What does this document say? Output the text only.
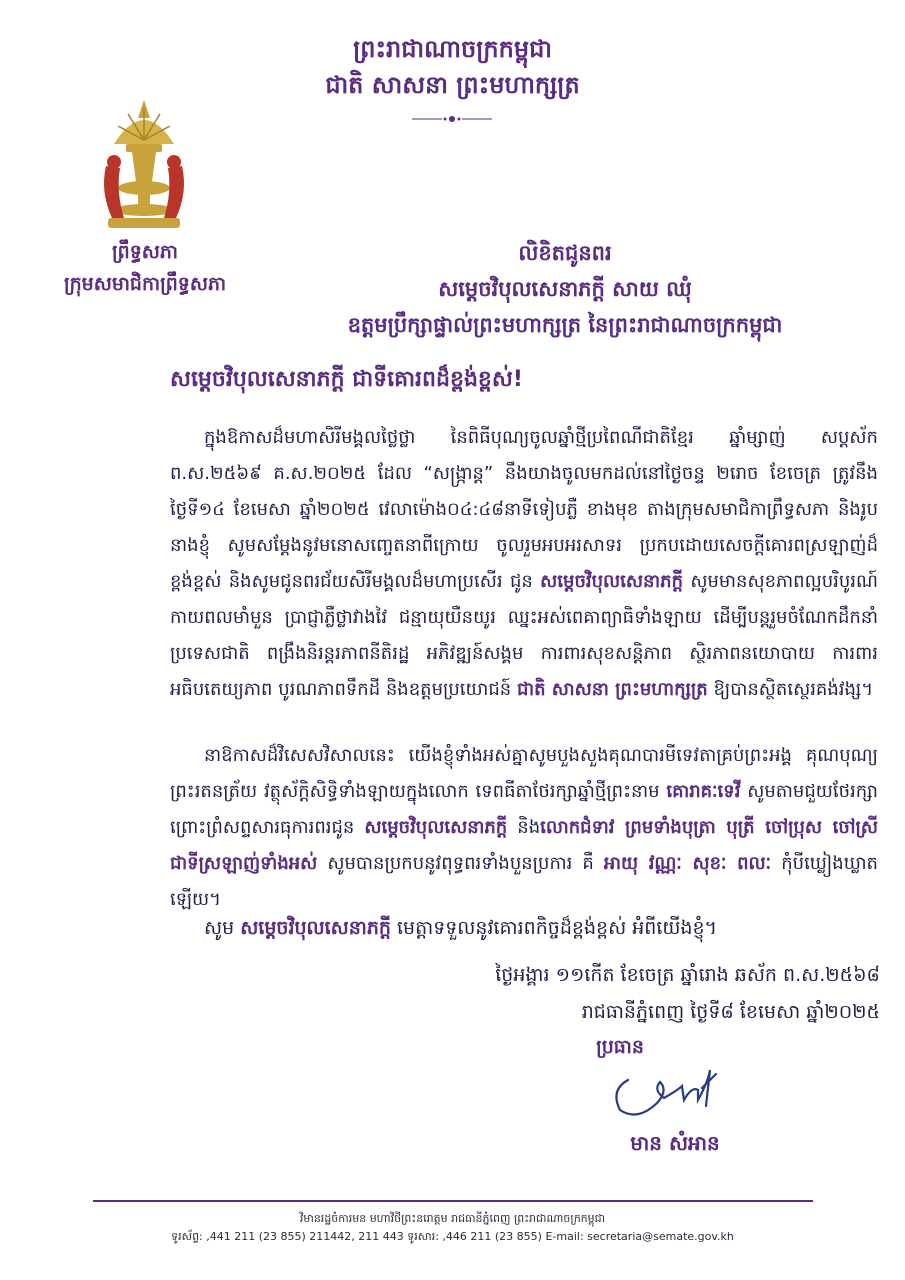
ព្រះរាជាណាចក្រកម្ពុជា
ជាតិ សាសនា ព្រះមហាក្សត្រ
ព្រឹទ្ធសភា
ក្រុមសមាជិកាព្រឹទ្ធសភា
លិខិតជូនពរ
សម្តេចវិបុលសេនាភក្តី សាយ ឈុំ
ឧត្តមប្រឹក្សាផ្ទាល់ព្រះមហាក្សត្រ នៃព្រះរាជាណាចក្រកម្ពុជា
សម្តេចវិបុលសេនាភក្តី ជាទីគោរពដ៏ខ្ពង់ខ្ពស់!
ក្នុងឱកាសដ៏មហាសិរីមង្គលថ្លៃថ្លា នៃពិធីបុណ្យចូលឆ្នាំថ្មីប្រពៃណីជាតិខ្មែរ ឆ្នាំម្សាញ់ សប្តស័ក ព.ស.២៥៦៩ គ.ស.២០២៥ ដែល “សង្ក្រាន្ត” នឹងយាងចូលមកដល់នៅថ្ងៃចន្ទ ២រោច ខែចេត្រ ត្រូវនឹងថ្ងៃទី១៤ ខែមេសា ឆ្នាំ២០២៥ វេលាម៉ោង០៤:៤៨នាទីទៀបភ្លឺ ខាងមុខ តាងក្រុមសមាជិកាព្រឹទ្ធសភា និងរូបនាងខ្ញុំ សូមសម្តែងនូវមនោសញ្ចេតនាពីក្រោយ ចូលរួមអបអរសាទរ ប្រកបដោយសេចក្តីគោរពស្រឡាញ់ដ៏ខ្ពង់ខ្ពស់ និងសូមជូនពរជ័យសិរីមង្គលដ៏មហាប្រសើរ ជូន សម្តេចវិបុលសេនាភក្តី សូមមានសុខភាពល្អបរិបូរណ៍ កាយពលមាំមួន ប្រាជ្ញាភ្លឺថ្លាវាងវៃ ជន្មាយុយឺនយូរ ឈ្នះអស់ពេគាព្យាធិទាំងឡាយ ដើម្បីបន្តរួមចំណែកដឹកនាំប្រទេសជាតិ ពង្រឹងនិរន្តរភាពនីតិរដ្ឋ អភិវឌ្ឍន៍សង្គម ការពារសុខសន្តិភាព ស្ថិរភាពនយោបាយ ការពារអធិបតេយ្យភាព បូរណភាពទឹកដី និងឧត្តមប្រយោជន៍ ជាតិ សាសនា ព្រះមហាក្សត្រ ឱ្យបានស្ថិតស្ថេរគង់វង្ស។
នាឱកាសដ៏វិសេសវិសាលនេះ យើងខ្ញុំទាំងអស់គ្នាសូមបួងសួងគុណបារមីទេវតាគ្រប់ព្រះអង្គ គុណបុណ្យព្រះរតនត្រ័យ វត្ថុស័ក្តិសិទ្ធិទាំងឡាយក្នុងលោក ទេពធីតាថែរក្សាឆ្នាំថ្មីព្រះនាម គោរាគៈទេវី សូមតាមជួយថែរក្សា ព្រោះព្រំសព្ទសារធុការពរជូន សម្តេចវិបុលសេនាភក្តី និងលោកជំទាវ ព្រមទាំងបុត្រា បុត្រី ចៅប្រុស ចៅស្រីជាទីស្រឡាញ់ទាំងអស់ សូមបានប្រកបនូវពុទ្ធពរទាំងបួនប្រការ គឺ អាយុ វណ្ណៈ សុខៈ ពលៈ កុំបីឃ្លៀងឃ្លាតឡើយ។
សូម សម្តេចវិបុលសេនាភក្តី មេត្តាទទួលនូវគោរពកិច្ចដ៏ខ្ពង់ខ្ពស់ អំពីយើងខ្ញុំ។
ថ្ងៃអង្គារ ១១កើត ខែចេត្រ ឆ្នាំរោង ឆស័ក ព.ស.២៥៦៨
រាជធានីភ្នំពេញ ថ្ងៃទី៨ ខែមេសា ឆ្នាំ២០២៥
ប្រធាន
មាន សំអាន
វិមានរដ្ឋចំការមន មហាវិថីព្រះនរោត្តម រាជធានីភ្នំពេញ ព្រះរាជាណាចក្រកម្ពុជា
ទូរស័ព្ទ: ,441 211 (23 855) 211442, 211 443 ទូរសារ: ,446 211 (23 855) E-mail: secretaria@semate.gov.kh
